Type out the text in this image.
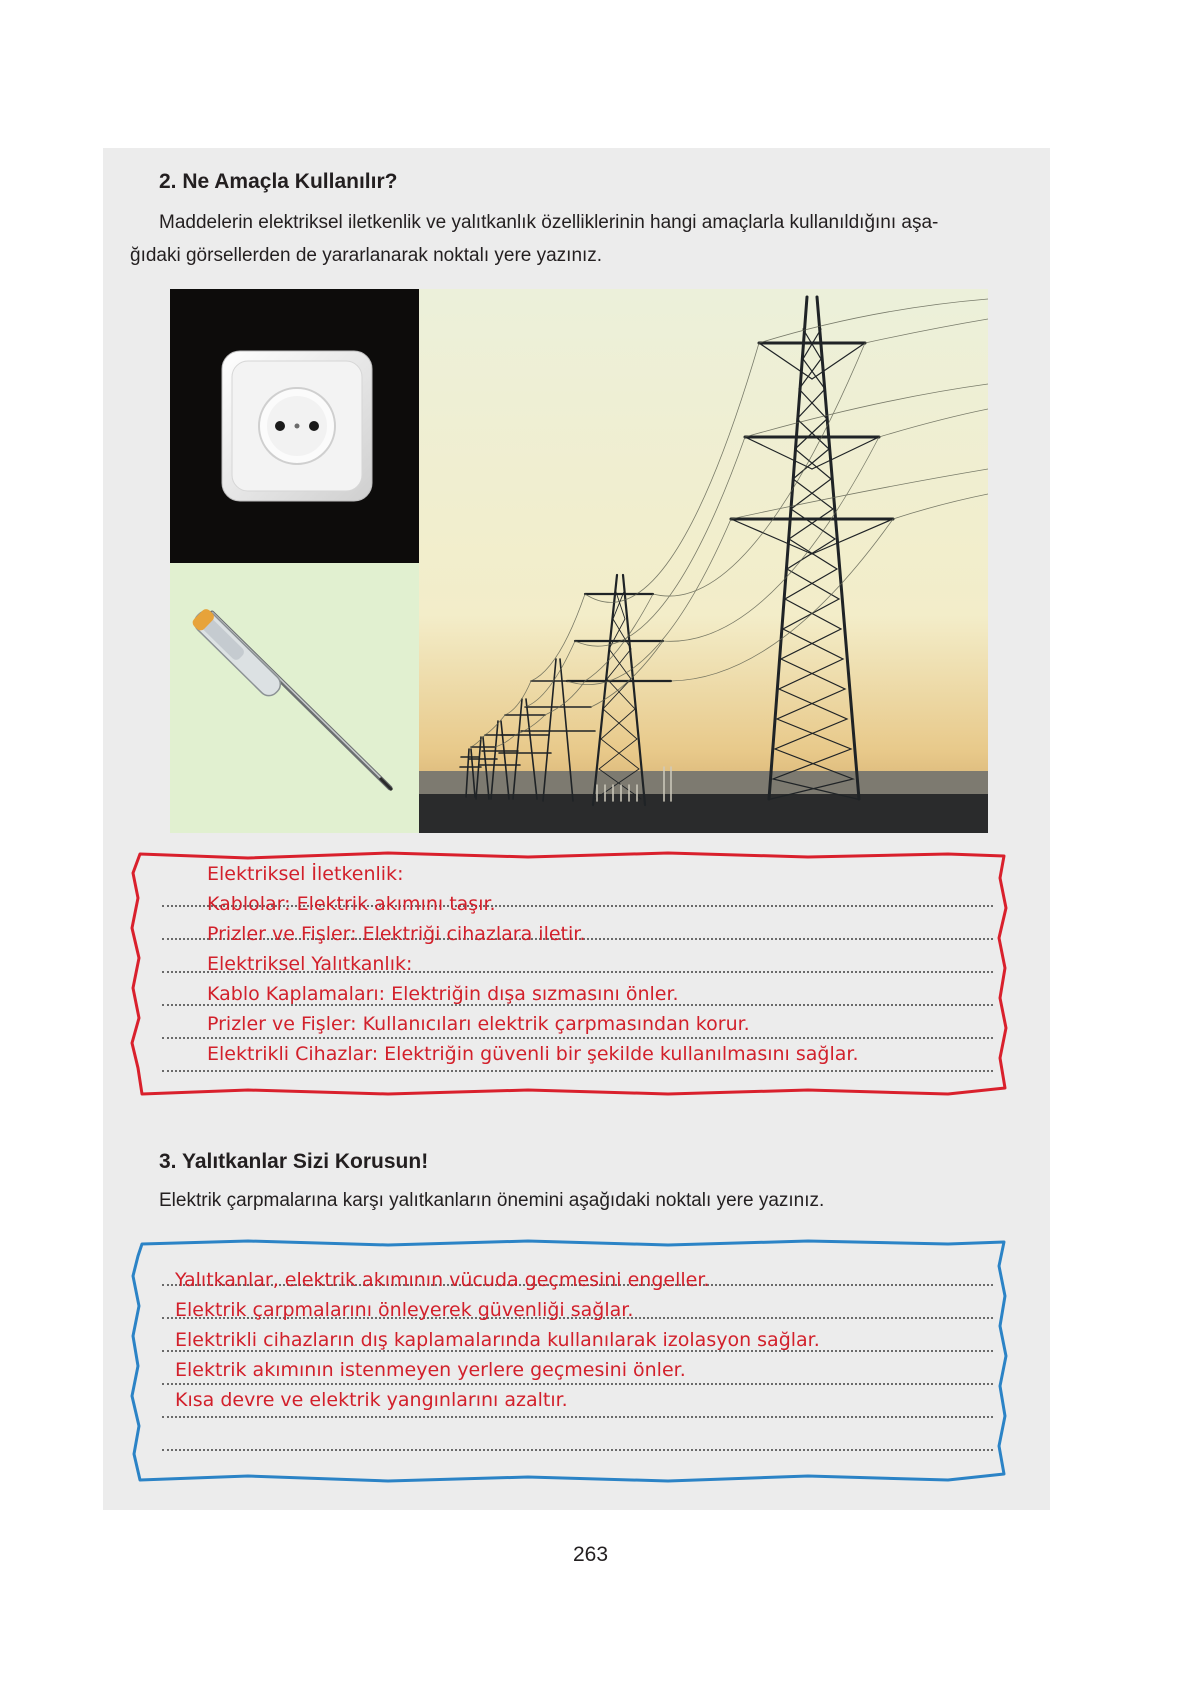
2. Ne Amaçla Kullanılır?
Maddelerin elektriksel iletkenlik ve yalıtkanlık özelliklerinin hangi amaçlarla kullanıldığını aşa-
ğıdaki görsellerden de yararlanarak noktalı yere yazınız.
Elektriksel İletkenlik:
Kablolar: Elektrik akımını taşır.
Prizler ve Fişler: Elektriği cihazlara iletir.
Elektriksel Yalıtkanlık:
Kablo Kaplamaları: Elektriğin dışa sızmasını önler.
Prizler ve Fişler: Kullanıcıları elektrik çarpmasından korur.
Elektrikli Cihazlar: Elektriğin güvenli bir şekilde kullanılmasını sağlar.
3. Yalıtkanlar Sizi Korusun!
Elektrik çarpmalarına karşı yalıtkanların önemini aşağıdaki noktalı yere yazınız.
Yalıtkanlar, elektrik akımının vücuda geçmesini engeller.
Elektrik çarpmalarını önleyerek güvenliği sağlar.
Elektrikli cihazların dış kaplamalarında kullanılarak izolasyon sağlar.
Elektrik akımının istenmeyen yerlere geçmesini önler.
Kısa devre ve elektrik yangınlarını azaltır.
263
